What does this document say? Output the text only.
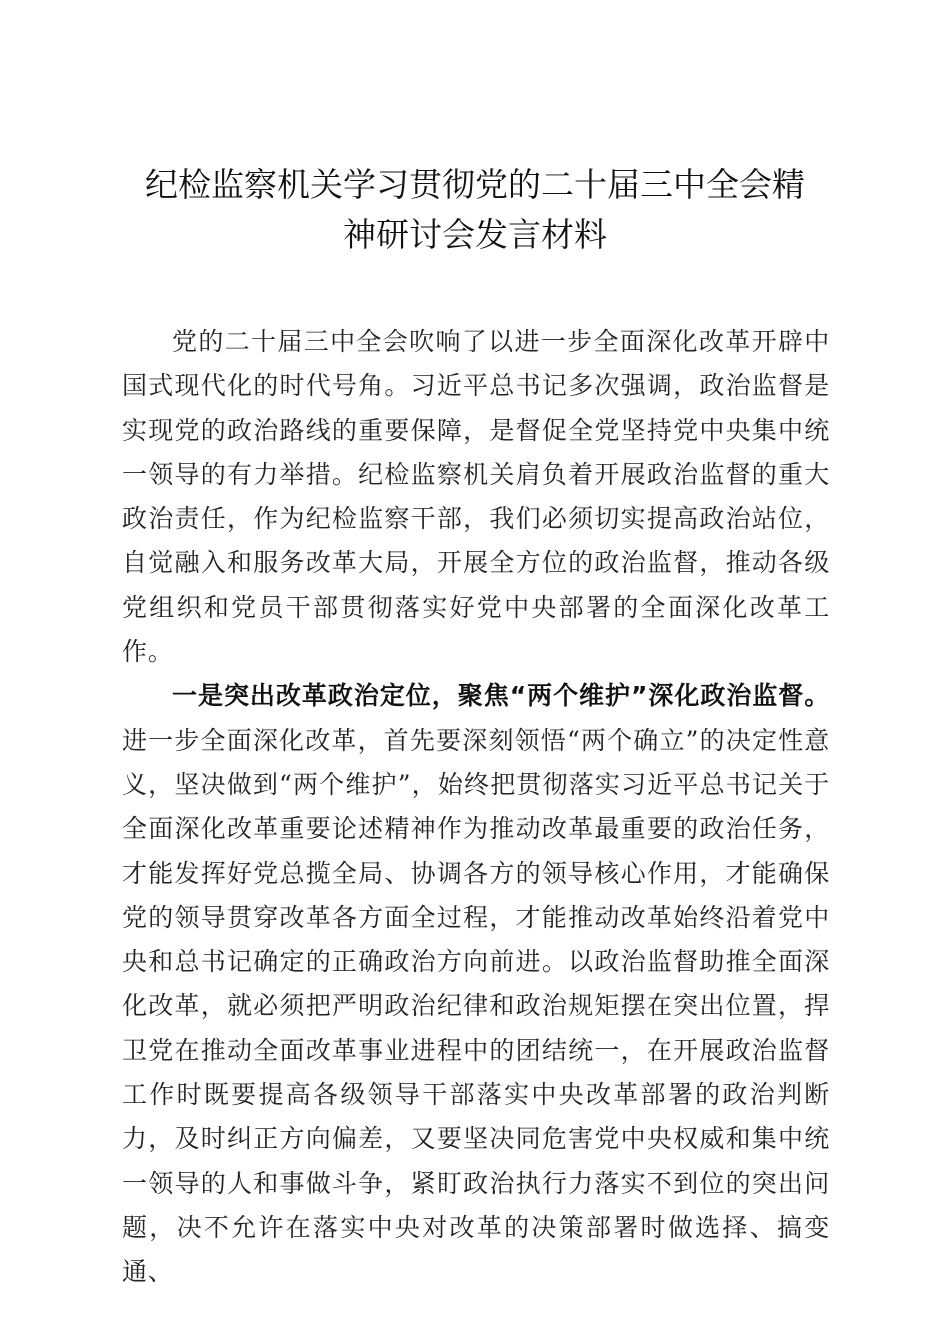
纪检监察机关学习贯彻党的二十届三中全会精
神研讨会发言材料

党的二十届三中全会吹响了以进一步全面深化改革开辟中国式现代化的时代号角。习近平总书记多次强调，政治监督是实现党的政治路线的重要保障，是督促全党坚持党中央集中统一领导的有力举措。纪检监察机关肩负着开展政治监督的重大政治责任，作为纪检监察干部，我们必须切实提高政治站位，自觉融入和服务改革大局，开展全方位的政治监督，推动各级党组织和党员干部贯彻落实好党中央部署的全面深化改革工作。

一是突出改革政治定位，聚焦“两个维护”深化政治监督。进一步全面深化改革，首先要深刻领悟“两个确立”的决定性意义，坚决做到“两个维护”，始终把贯彻落实习近平总书记关于全面深化改革重要论述精神作为推动改革最重要的政治任务，才能发挥好党总揽全局、协调各方的领导核心作用，才能确保党的领导贯穿改革各方面全过程，才能推动改革始终沿着党中央和总书记确定的正确政治方向前进。以政治监督助推全面深化改革，就必须把严明政治纪律和政治规矩摆在突出位置，捍卫党在推动全面改革事业进程中的团结统一，在开展政治监督工作时既要提高各级领导干部落实中央改革部署的政治判断力，及时纠正方向偏差，又要坚决同危害党中央权威和集中统一领导的人和事做斗争，紧盯政治执行力落实不到位的突出问题，决不允许在落实中央对改革的决策部署时做选择、搞变通、
